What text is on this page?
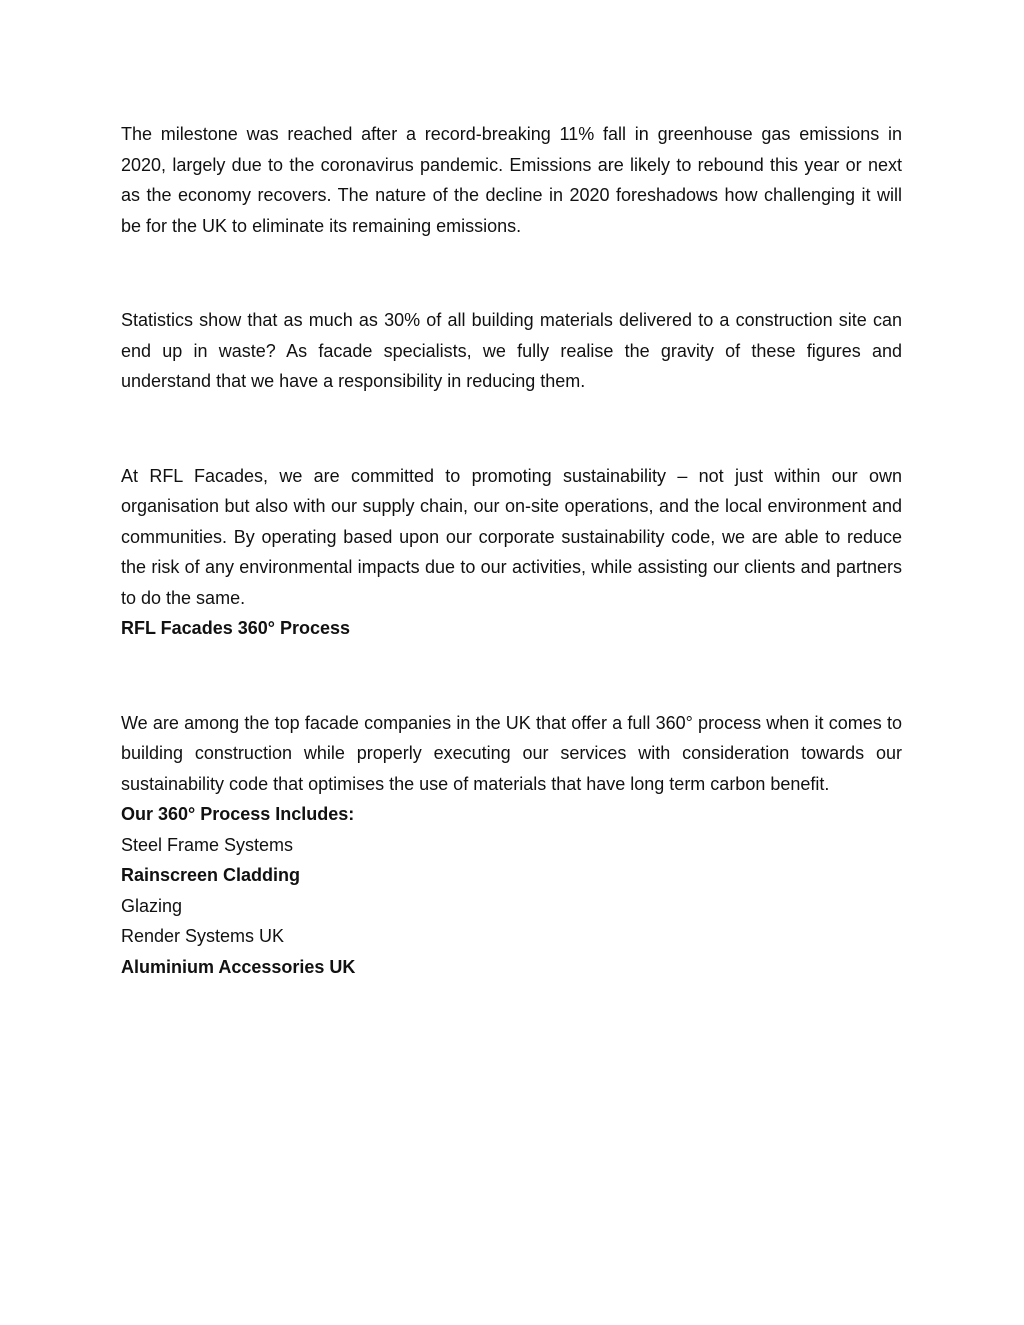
The milestone was reached after a record-breaking 11% fall in greenhouse gas emissions in 2020, largely due to the coronavirus pandemic. Emissions are likely to rebound this year or next as the economy recovers. The nature of the decline in 2020 foreshadows how challenging it will be for the UK to eliminate its remaining emissions.

Statistics show that as much as 30% of all building materials delivered to a construction site can end up in waste? As facade specialists, we fully realise the gravity of these figures and understand that we have a responsibility in reducing them.

At RFL Facades, we are committed to promoting sustainability – not just within our own organisation but also with our supply chain, our on-site operations, and the local environment and communities. By operating based upon our corporate sustainability code, we are able to reduce the risk of any environmental impacts due to our activities, while assisting our clients and partners to do the same.

RFL Facades 360° Process

We are among the top facade companies in the UK that offer a full 360° process when it comes to building construction while properly executing our services with consideration towards our sustainability code that optimises the use of materials that have long term carbon benefit.

Our 360° Process Includes:

Steel Frame Systems

Rainscreen Cladding

Glazing

Render Systems UK

Aluminium Accessories UK
